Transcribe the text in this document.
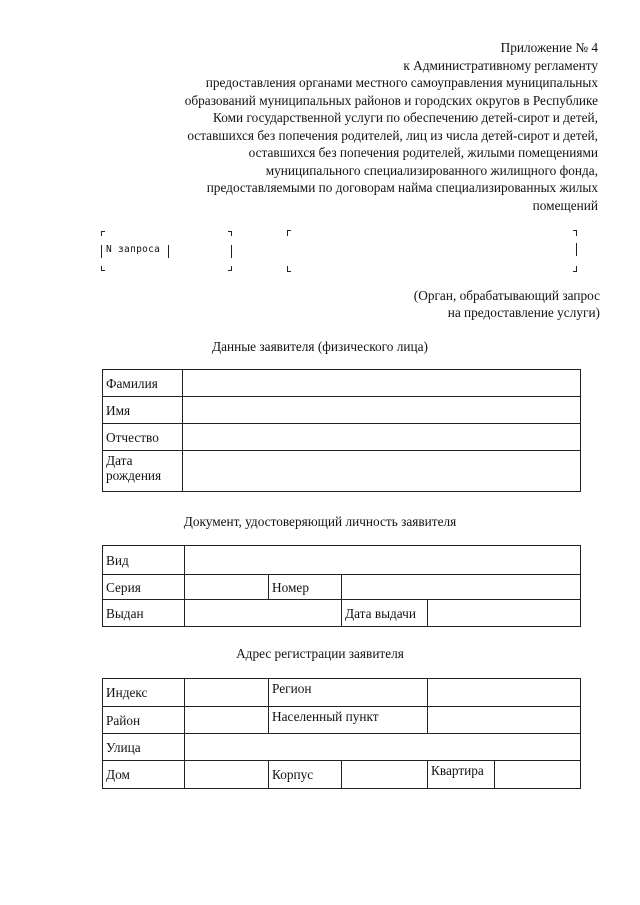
Приложение № 4
к Административному регламенту
предоставления органами местного самоуправления муниципальных
образований муниципальных районов и городских округов в Республике
Коми государственной услуги по обеспечению детей-сирот и детей,
оставшихся без попечения родителей, лиц из числа детей-сирот и детей,
оставшихся без попечения родителей, жилыми помещениями
муниципального специализированного жилищного фонда,
предоставляемыми по договорам найма специализированных жилых
помещений
N запроса
(Орган, обрабатывающий запрос
на предоставление услуги)
Данные заявителя (физического лица)
Фамилия	
Имя	
Отчество	
Дата рождения	
Документ, удостоверяющий личность заявителя
Вид				
Серия		Номер		
Выдан			Дата выдачи	
Адрес регистрации заявителя
Индекс		Регион			
Район		Населенный пункт			
Улица					
Дом		Корпус		Квартира	
